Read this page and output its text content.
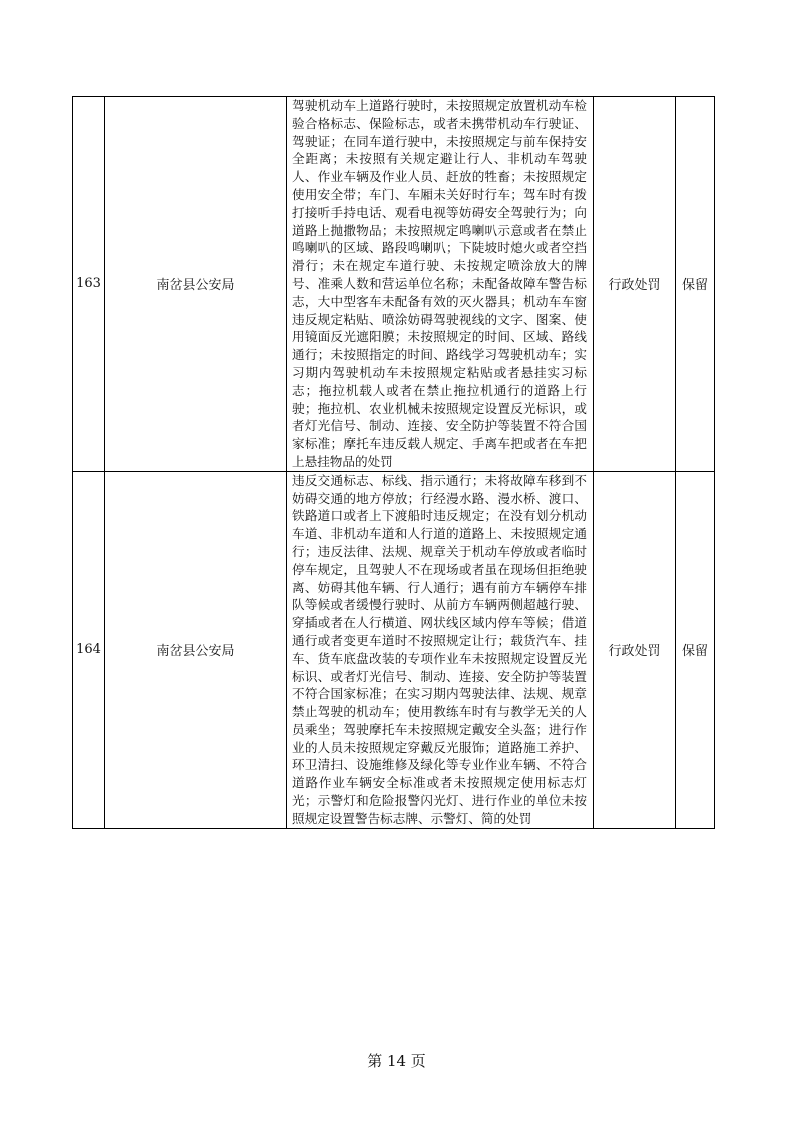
163	南岔县公安局	驾驶机动车上道路行驶时，未按照规定放置机动车检验合格标志、保险标志，或者未携带机动车行驶证、驾驶证；在同车道行驶中，未按照规定与前车保持安全距离；未按照有关规定避让行人、非机动车驾驶人、作业车辆及作业人员、赶放的牲畜；未按照规定使用安全带；车门、车厢未关好时行车；驾车时有拨打接听手持电话、观看电视等妨碍安全驾驶行为；向道路上抛撒物品；未按照规定鸣喇叭示意或者在禁止鸣喇叭的区域、路段鸣喇叭；下陡坡时熄火或者空挡滑行；未在规定车道行驶、未按规定喷涂放大的牌号、准乘人数和营运单位名称；未配备故障车警告标志，大中型客车未配备有效的灭火器具；机动车车窗违反规定粘贴、喷涂妨碍驾驶视线的文字、图案、使用镜面反光遮阳膜；未按照规定的时间、区域、路线通行；未按照指定的时间、路线学习驾驶机动车；实习期内驾驶机动车未按照规定粘贴或者悬挂实习标志；拖拉机载人或者在禁止拖拉机通行的道路上行驶；拖拉机、农业机械未按照规定设置反光标识，或者灯光信号、制动、连接、安全防护等装置不符合国家标准；摩托车违反载人规定、手离车把或者在车把上悬挂物品的处罚	行政处罚	保留
164	南岔县公安局	违反交通标志、标线、指示通行；未将故障车移到不妨碍交通的地方停放；行经漫水路、漫水桥、渡口、铁路道口或者上下渡船时违反规定；在没有划分机动车道、非机动车道和人行道的道路上、未按照规定通行；违反法律、法规、规章关于机动车停放或者临时停车规定，且驾驶人不在现场或者虽在现场但拒绝驶离、妨碍其他车辆、行人通行；遇有前方车辆停车排队等候或者缓慢行驶时、从前方车辆两侧超越行驶、穿插或者在人行横道、网状线区域内停车等候；借道通行或者变更车道时不按照规定让行；载货汽车、挂车、货车底盘改装的专项作业车未按照规定设置反光标识、或者灯光信号、制动、连接、安全防护等装置不符合国家标准；在实习期内驾驶法律、法规、规章禁止驾驶的机动车；使用教练车时有与教学无关的人员乘坐；驾驶摩托车未按照规定戴安全头盔；进行作业的人员未按照规定穿戴反光服饰；道路施工养护、环卫清扫、设施维修及绿化等专业作业车辆、不符合道路作业车辆安全标准或者未按照规定使用标志灯光；示警灯和危险报警闪光灯、进行作业的单位未按照规定设置警告标志牌、示警灯、简的处罚	行政处罚	保留
第 14 页
